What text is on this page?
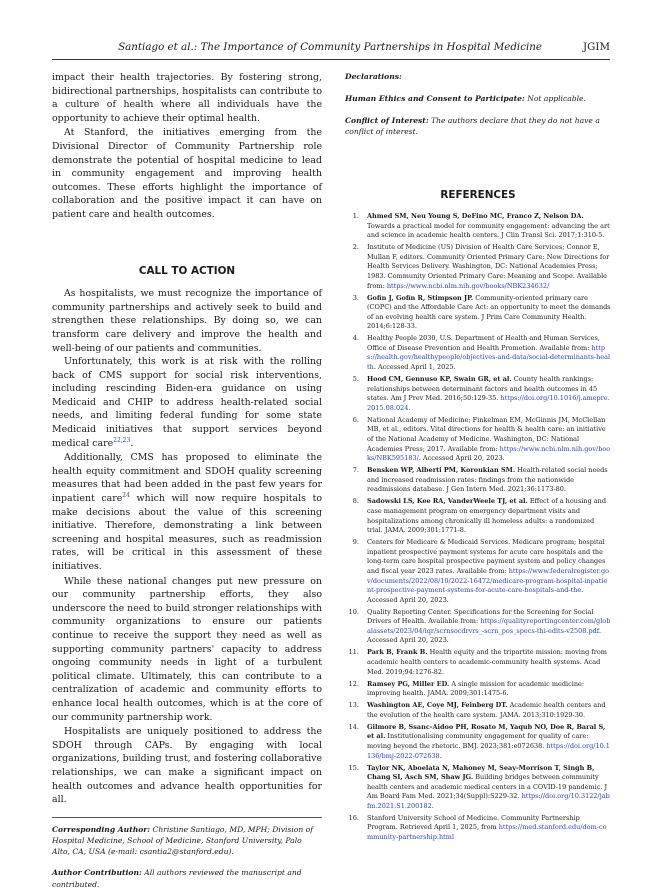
Santiago et al.: The Importance of Community Partnerships in Hospital Medicine	JGIM

impact their health trajectories. By fostering strong, bidirectional partnerships, hospitalists can contribute to a culture of health where all individuals have the opportunity to achieve their optimal health.

At Stanford, the initiatives emerging from the Divisional Director of Community Partnership role demonstrate the potential of hospital medicine to lead in community engagement and improving health outcomes. These efforts highlight the importance of collaboration and the positive impact it can have on patient care and health outcomes.

CALL TO ACTION

As hospitalists, we must recognize the importance of community partnerships and actively seek to build and strengthen these relationships. By doing so, we can transform care delivery and improve the health and well-being of our patients and communities.

Unfortunately, this work is at risk with the rolling back of CMS support for social risk interventions, including rescinding Biden-era guidance on using Medicaid and CHIP to address health-related social needs, and limiting federal funding for some state Medicaid initiatives that support services beyond medical care$^{22,23}$.

Additionally, CMS has proposed to eliminate the health equity commitment and SDOH quality screening measures that had been added in the past few years for inpatient care$^{24}$ which will now require hospitals to make decisions about the value of this screening initiative. Therefore, demonstrating a link between screening and hospital measures, such as readmission rates, will be critical in this assessment of these initiatives.

While these national changes put new pressure on our community partnership efforts, they also underscore the need to build stronger relationships with community organizations to ensure our patients continue to receive the support they need as well as supporting community partners' capacity to address ongoing community needs in light of a turbulent political climate. Ultimately, this can contribute to a centralization of academic and community efforts to enhance local health outcomes, which is at the core of our community partnership work.

Hospitalists are uniquely positioned to address the SDOH through CAPs. By engaging with local organizations, building trust, and fostering collaborative relationships, we can make a significant impact on health outcomes and advance health opportunities for all.

Corresponding Author: Christine Santiago, MD, MPH; Division of Hospital Medicine, School of Medicine, Stanford University, Palo Alto, CA, USA (e-mail: csantia2@stanford.edu).
Author Contribution: All authors reviewed the manuscript and contributed.

Declarations:

Human Ethics and Consent to Participate: Not applicable.

Conflict of Interest: The authors declare that they do not have a conflict of interest.

REFERENCES
1. Ahmed SM, Neu Young S, DeFino MC, Franco Z, Nelson DA. Towards a practical model for community engagement: advancing the art and science in academic health centers. J Clin Transl Sci. 2017;1:310-5.
2. Institute of Medicine (US) Division of Health Care Services; Connor E, Mullan F, editors. Community Oriented Primary Care: New Directions for Health Services Delivery. Washington, DC: National Academies Press; 1983. Community Oriented Primary Care: Meaning and Scope. Available from: https://www.ncbi.nlm.nih.gov/books/NBK234632/
3. Gofin J, Gofin R, Stimpson JP. Community-oriented primary care (COPC) and the Affordable Care Act: an opportunity to meet the demands of an evolving health care system. J Prim Care Community Health. 2014;6:128-33.
4. Healthy People 2030, U.S. Department of Health and Human Services, Office of Disease Prevention and Health Promotion. Available from: https://health.gov/healthypeople/objectives-and-data/social-determinants-health. Accessed April 1, 2025.
5. Hood CM, Gennuso KP, Swain GR, et al. County health rankings: relationships between determinant factors and health outcomes in 45 states. Am J Prev Med. 2016;50:129-35. https://doi.org/10.1016/j.amepre.2015.08.024.
6. National Academy of Medicine; Finkelman EM, McGinnis JM, McClellan MB, et al., editors. Vital directions for health & health care: an initiative of the National Academy of Medicine. Washington, DC: National Academies Press; 2017. Available from: https://www.ncbi.nlm.nih.gov/books/NBK595183/. Accessed April 20, 2023.
7. Bensken WP, Alberti PM, Koroukian SM. Health-related social needs and increased readmission rates: findings from the nationwide readmissions database. J Gen Intern Med. 2021;36:1173-80.
8. Sadowski LS, Kee RA, VanderWeele TJ, et al. Effect of a housing and case management program on emergency department visits and hospitalizations among chronically ill homeless adults: a randomized trial. JAMA. 2009;301:1771-8.
9. Centers for Medicare & Medicaid Services. Medicare program; hospital inpatient prospective payment systems for acute care hospitals and the long-term care hospital prospective payment system and policy changes and fiscal year 2023 rates. Available from: https://www.federalregister.gov/documents/2022/08/10/2022-16472/medicare-program-hospital-inpatient-prospective-payment-systems-for-acute-care-hospitals-and-the. Accessed April 20, 2023.
10. Quality Reporting Center. Specifications for the Screening for Social Drivers of Health. Available from: https://qualityreportingcenter.com/globalassets/2023/04/iqr/scrnsocdrvrs_-scrn_pos_specs-thi-edits-v2508.pdf. Accessed April 20, 2023.
11. Park B, Frank B. Health equity and the tripartite mission: moving from academic health centers to academic-community health systems. Acad Med. 2019;94:1276-82.
12. Ramsey PG, Miller ED. A single mission for academic medicine: improving health. JAMA. 2009;301:1475-6.
13. Washington AE, Coye MJ, Feinberg DT. Academic health centers and the evolution of the health care system. JAMA. 2013;310:1929-30.
14. Gilmore B, Ssanc-Aidoo PH, Rosato M, Yaqub NO, Doe R, Baral S, et al. Institutionalising community engagement for quality of care: moving beyond the rhetoric. BMJ. 2023;381:e072638. https://doi.org/10.1136/bmj-2022-072638.
15. Taylor NK, Aboelata N, Mahoney M, Seay-Morrison T, Singh B, Chang SI, Asch SM, Shaw JG. Building bridges between community health centers and academic medical centers in a COVID-19 pandemic. J Am Board Fam Med. 2021;34(Suppl):S229-32. https://doi.org/10.3122/jabfm.2021.S1.200182.
16. Stanford University School of Medicine. Community Partnership Program. Retrieved April 1, 2025, from https://med.stanford.edu/dom-community-partnership.html
